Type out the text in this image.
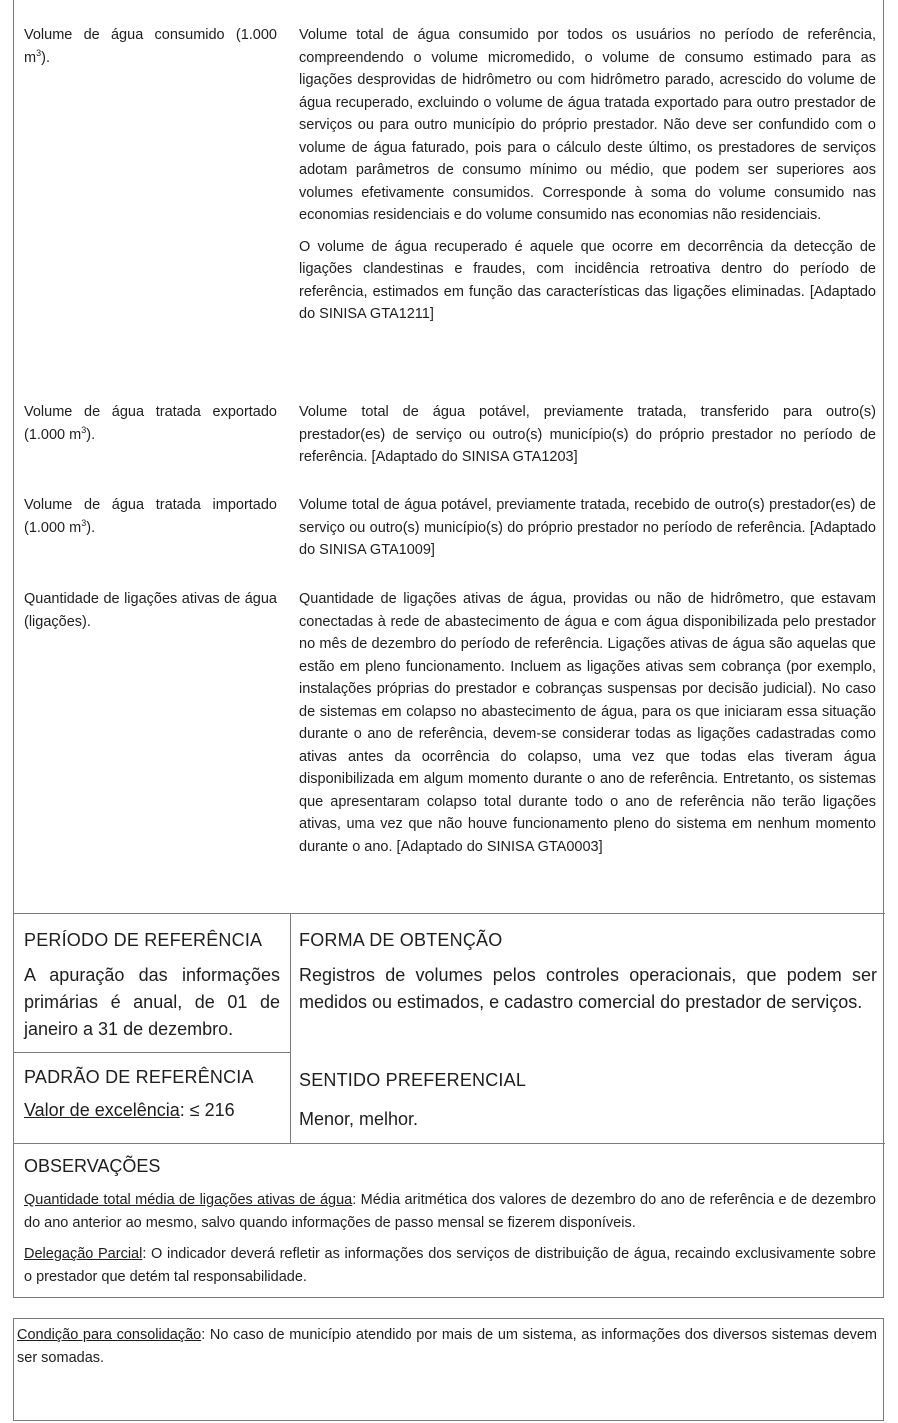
Volume de água consumido (1.000 $m^3$).

Volume total de água consumido por todos os usuários no período de referência, compreendendo o volume micromedido, o volume de consumo estimado para as ligações desprovidas de hidrômetro ou com hidrômetro parado, acrescido do volume de água recuperado, excluindo o volume de água tratada exportado para outro prestador de serviços ou para outro município do próprio prestador. Não deve ser confundido com o volume de água faturado, pois para o cálculo deste último, os prestadores de serviços adotam parâmetros de consumo mínimo ou médio, que podem ser superiores aos volumes efetivamente consumidos. Corresponde à soma do volume consumido nas economias residenciais e do volume consumido nas economias não residenciais.

O volume de água recuperado é aquele que ocorre em decorrência da detecção de ligações clandestinas e fraudes, com incidência retroativa dentro do período de referência, estimados em função das características das ligações eliminadas. [Adaptado do SINISA GTA1211]

Volume de água tratada exportado (1.000 $m^3$).

Volume total de água potável, previamente tratada, transferido para outro(s) prestador(es) de serviço ou outro(s) município(s) do próprio prestador no período de referência. [Adaptado do SINISA GTA1203]

Volume de água tratada importado (1.000 $m^3$).

Volume total de água potável, previamente tratada, recebido de outro(s) prestador(es) de serviço ou outro(s) município(s) do próprio prestador no período de referência. [Adaptado do SINISA GTA1009]

Quantidade de ligações ativas de água (ligações).

Quantidade de ligações ativas de água, providas ou não de hidrômetro, que estavam conectadas à rede de abastecimento de água e com água disponibilizada pelo prestador no mês de dezembro do período de referência. Ligações ativas de água são aquelas que estão em pleno funcionamento. Incluem as ligações ativas sem cobrança (por exemplo, instalações próprias do prestador e cobranças suspensas por decisão judicial). No caso de sistemas em colapso no abastecimento de água, para os que iniciaram essa situação durante o ano de referência, devem-se considerar todas as ligações cadastradas como ativas antes da ocorrência do colapso, uma vez que todas elas tiveram água disponibilizada em algum momento durante o ano de referência. Entretanto, os sistemas que apresentaram colapso total durante todo o ano de referência não terão ligações ativas, uma vez que não houve funcionamento pleno do sistema em nenhum momento durante o ano. [Adaptado do SINISA GTA0003]

PERÍODO DE REFERÊNCIA
A apuração das informações primárias é anual, de 01 de janeiro a 31 de dezembro.
FORMA DE OBTENÇÃO
Registros de volumes pelos controles operacionais, que podem ser medidos ou estimados, e cadastro comercial do prestador de serviços.
PADRÃO DE REFERÊNCIA
Valor de excelência: ≤ 216
SENTIDO PREFERENCIAL
Menor, melhor.
OBSERVAÇÕES
Quantidade total média de ligações ativas de água: Média aritmética dos valores de dezembro do ano de referência e de dezembro do ano anterior ao mesmo, salvo quando informações de passo mensal se fizerem disponíveis.
Delegação Parcial: O indicador deverá refletir as informações dos serviços de distribuição de água, recaindo exclusivamente sobre o prestador que detém tal responsabilidade.
Condição para consolidação: No caso de município atendido por mais de um sistema, as informações dos diversos sistemas devem ser somadas.
